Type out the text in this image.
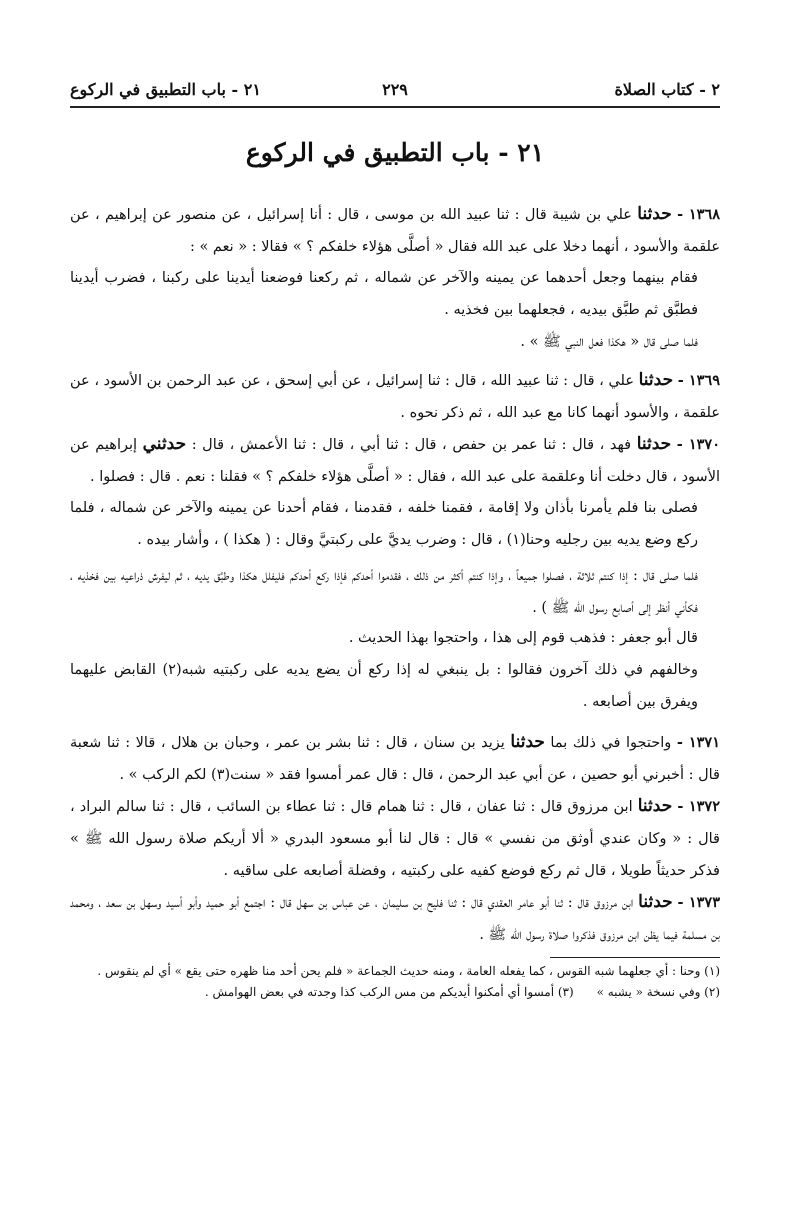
٢ - كتاب الصلاة
٢٢٩
٢١ - باب التطبيق في الركوع
٢١ - باب التطبيق في الركوع

١٣٦٨ - حدثنا علي بن شيبة قال : ثنا عبيد الله بن موسى ، قال : أنا إسرائيل ، عن منصور عن إبراهيم ، عن علقمة والأسود ، أنهما دخلا على عبد الله فقال « أصلَّى هؤلاء خلفكم ؟ » فقالا : « نعم » :

فقام بينهما وجعل أحدهما عن يمينه والآخر عن شماله ، ثم ركعنا فوضعنا أيدينا على ركبنا ، فضرب أيدينا فطبَّق ثم طبَّق بيديه ، فجعلهما بين فخذيه .
فلما صلى قال « هكذا فعل النبي ﷺ » .

١٣٦٩ - حدثنا علي ، قال : ثنا عبيد الله ، قال : ثنا إسرائيل ، عن أبي إسحق ، عن عبد الرحمن بن الأسود ، عن علقمة ، والأسود أنهما كانا مع عبد الله ، ثم ذكر نحوه .

١٣٧٠ - حدثنا فهد ، قال : ثنا عمر بن حفص ، قال : ثنا أبي ، قال : ثنا الأعمش ، قال : حدثني إبراهيم عن الأسود ، قال دخلت أنا وعلقمة على عبد الله ، فقال : « أصلَّى هؤلاء خلفكم ؟ » فقلنا : نعم . قال : فصلوا .

فصلى بنا فلم يأمرنا بأذان ولا إقامة ، فقمنا خلفه ، فقدمنا ، فقام أحدنا عن يمينه والآخر عن شماله ، فلما ركع وضع يديه بين رجليه وحنا(١) ، قال : وضرب يديَّ على ركبتيَّ وقال : ( هكذا ) ، وأشار بيده .
فلما صلى قال : إذا كنتم ثلاثة ، فصلوا جميعاً ، وإذا كنتم أكثر من ذلك ، فقدموا أحدكم فإذا ركع أحدكم فليفلل هكذا وطبَّق يديه ، ثم ليفرش ذراعيه بين فخذيه ، فكأني أنظر إلى أصابع رسول الله ﷺ ) .
قال أبو جعفر : فذهب قوم إلى هذا ، واحتجوا بهذا الحديث .
وخالفهم في ذلك آخرون فقالوا : بل ينبغي له إذا ركع أن يضع يديه على ركبتيه شبه(٢) القابض عليهما ويفرق بين أصابعه .

١٣٧١ - واحتجوا في ذلك بما حدثنا يزيد بن سنان ، قال : ثنا بشر بن عمر ، وحبان بن هلال ، قالا : ثنا شعبة قال : أخبرني أبو حصين ، عن أبي عبد الرحمن ، قال : قال عمر أمسوا فقد « سنت(٣) لكم الركب » .

١٣٧٢ - حدثنا ابن مرزوق قال : ثنا عفان ، قال : ثنا همام قال : ثنا عطاء بن السائب ، قال : ثنا سالم البراد ، قال : « وكان عندي أوثق من نفسي » قال : قال لنا أبو مسعود البدري « ألا أريكم صلاة رسول الله ﷺ » فذكر حديثاً طويلا ، قال ثم ركع فوضع كفيه على ركبتيه ، وفضلة أصابعه على ساقيه .

١٣٧٣ - حدثنا ابن مرزوق قال : ثنا أبو عامر العقدي قال : ثنا فليح بن سليمان ، عن عباس بن سهل قال : اجتمع أبو حميد وأبو أسيد وسهل بن سعد ، ومحمد بن مسلمة فيما يظن ابن مرزوق فذكروا صلاة رسول الله ﷺ .

(١) وحنا : أي جعلهما شبه القوس ، كما يفعله العامة ، ومنه حديث الجماعة « فلم يحن أحد منا ظهره حتى يقع » أي لم ينقوس .

(٢) وفي نسخة « يشبه »      (٣) أمسوا أي أمكنوا أيديكم من مس الركب كذا وجدته في بعض الهوامش .
